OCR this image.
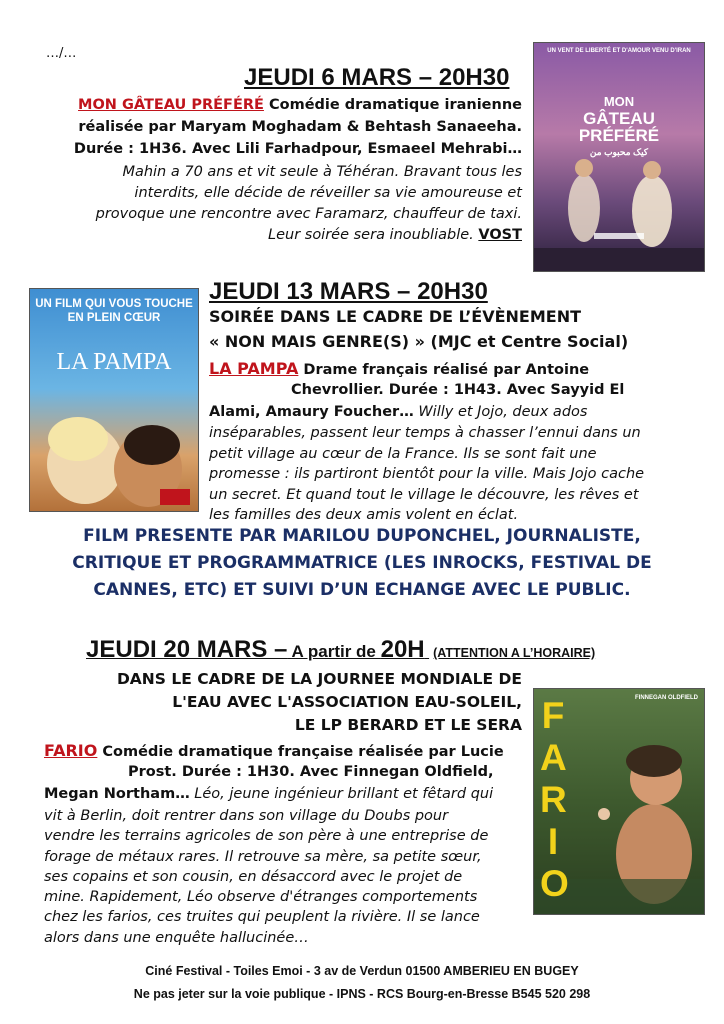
…/…
JEUDI 6 MARS – 20H30
MON GÂTEAU PRÉFÉRÉ Comédie dramatique iranienne
réalisée par Maryam Moghadam & Behtash Sanaeeha.
Durée : 1H36. Avec Lili Farhadpour, Esmaeel Mehrabi…
Mahin a 70 ans et vit seule à Téhéran. Bravant tous les
interdits, elle décide de réveiller sa vie amoureuse et
provoque une rencontre avec Faramarz, chauffeur de taxi.
Leur soirée sera inoubliable. VOST
UN VENT DE LIBERTÉ ET D'AMOUR VENU D'IRAN
MON
GÂTEAU
PRÉFÉRÉ
کیک محبوب من
UN FILM QUI VOUS TOUCHE
EN PLEIN CŒUR
LA PAMPA
JEUDI 13 MARS – 20H30
SOIRÉE DANS LE CADRE DE L’ÉVÈNEMENT
« NON MAIS GENRE(S) » (MJC et Centre Social)
LA PAMPA Drame français réalisé par Antoine
Chevrollier. Durée : 1H43. Avec Sayyid El
Alami, Amaury Foucher… Willy et Jojo, deux ados
inséparables, passent leur temps à chasser l’ennui dans un
petit village au cœur de la France. Ils se sont fait une
promesse : ils partiront bientôt pour la ville. Mais Jojo cache
un secret. Et quand tout le village le découvre, les rêves et
les familles des deux amis volent en éclat.
FILM PRESENTE PAR MARILOU DUPONCHEL, JOURNALISTE,
CRITIQUE ET PROGRAMMATRICE (LES INROCKS, FESTIVAL DE
CANNES, ETC) ET SUIVI D’UN ECHANGE AVEC LE PUBLIC.
JEUDI 20 MARS – A partir de 20H (ATTENTION A L’HORAIRE)
DANS LE CADRE DE LA JOURNEE MONDIALE DE
L'EAU AVEC L'ASSOCIATION EAU-SOLEIL,
LE LP BERARD ET LE SERA
FARIO Comédie dramatique française réalisée par Lucie
Prost. Durée : 1H30. Avec Finnegan Oldfield,
Megan Northam… Léo, jeune ingénieur brillant et fêtard qui
vit à Berlin, doit rentrer dans son village du Doubs pour
vendre les terrains agricoles de son père à une entreprise de
forage de métaux rares. Il retrouve sa mère, sa petite sœur,
ses copains et son cousin, en désaccord avec le projet de
mine. Rapidement, Léo observe d'étranges comportements
chez les farios, ces truites qui peuplent la rivière. Il se lance
alors dans une enquête hallucinée…
FINNEGAN OLDFIELD
FARIO
Ciné Festival - Toiles Emoi - 3 av de Verdun 01500 AMBERIEU EN BUGEY
Ne pas jeter sur la voie publique - IPNS - RCS Bourg-en-Bresse B545 520 298
